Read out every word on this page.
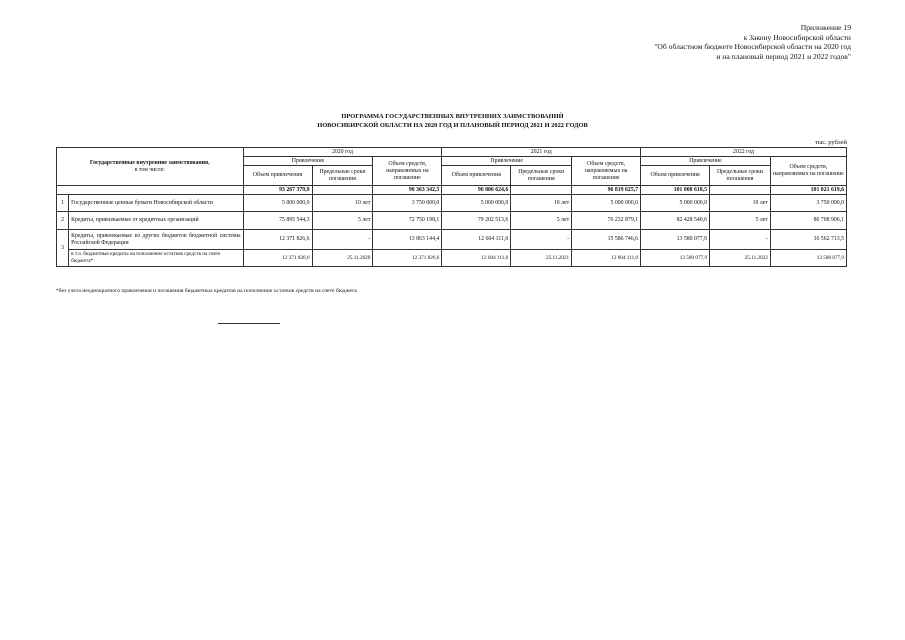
Приложение 19
к Закону Новосибирской области
"Об областном бюджете Новосибирской области на 2020 год
и на плановый период 2021 и 2022 годов"
ПРОГРАММА ГОСУДАРСТВЕННЫХ ВНУТРЕННИХ ЗАИМСТВОВАНИЙ
НОВОСИБИРСКОЙ ОБЛАСТИ НА 2020 ГОД И ПЛАНОВЫЙ ПЕРИОД 2021 И 2022 ГОДОВ
тыс. рублей
Государственные внутренние заимствования,
в том числе:		2020 год			2021 год			2022 год		
		Привлечение		Объем средств, направляемых на погашение	Привлечение		Объем средств, направляемых на погашение	Привлечение		Объем средств, направляемых на погашение
		Объем привлечения	Предельные сроки погашения		Объем привлечения	Предельные сроки погашения		Объем привлечения	Предельные сроки погашения	
		93 267 379,9		90 363 342,5	96 806 624,6		96 819 625,7	101 008 618,5		101 021 619,6
1	Государственные ценные бумаги Новосибирской области	5 000 000,0	10 лет	3 750 000,0	5 000 000,0	10 лет	5 000 000,0	5 000 000,0	10 лет	3 750 000,0
2	Кредиты, привлекаемые от кредитных организаций	75 895 544,3	5 лет	72 750 198,1	79 202 513,6	5 лет	76 232 879,1	82 428 540,6	5 лет	80 708 906,1
3	Кредиты, привлекаемые из других бюджетов бюджетной системы Российской Федерации	12 371 826,6	-	13 863 144,4	12 604 111,0	-	15 586 746,6	13 580 077,9	-	16 562 713,5
	в т.ч. бюджетные кредиты на пополнение остатков средств на счете бюджета*	12 371 826,6	25.11.2020	12 371 826,6	12 604 111,0	25.11.2021	12 604 111,0	13 580 077,9	25.11.2022	13 580 077,9
*без учета неоднократного привлечения и погашения бюджетных кредитов на пополнение остатков средств на счете бюджета
